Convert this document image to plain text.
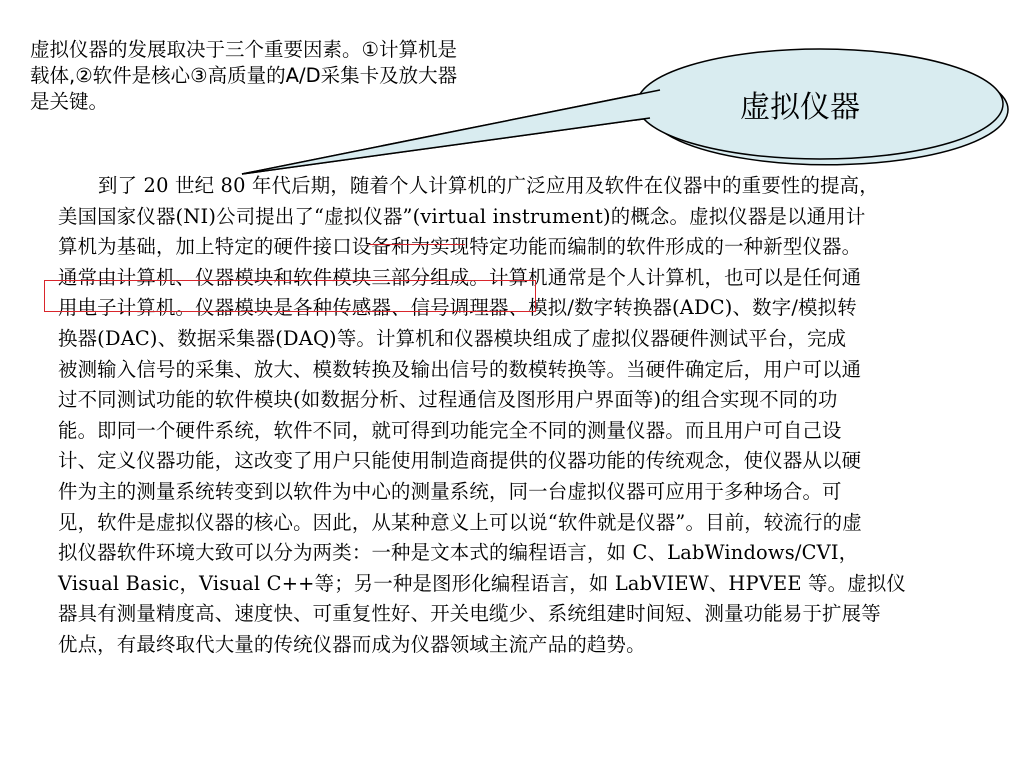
虚拟仪器的发展取决于三个重要因素。①计算机是
载体,②软件是核心③高质量的A/D采集卡及放大器
是关键。	虚拟仪器
到了 20 世纪 80 年代后期，随着个人计算机的广泛应用及软件在仪器中的重要性的提高，
美国国家仪器(NI)公司提出了“虚拟仪器”(virtual instrument)的概念。虚拟仪器是以通用计
算机为基础，加上特定的硬件接口设备和为实现特定功能而编制的软件形成的一种新型仪器。
通常由计算机、仪器模块和软件模块三部分组成。计算机通常是个人计算机，也可以是任何通
用电子计算机。仪器模块是各种传感器、信号调理器、模拟/数字转换器(ADC)、数字/模拟转
换器(DAC)、数据采集器(DAQ)等。计算机和仪器模块组成了虚拟仪器硬件测试平台，完成
被测输入信号的采集、放大、模数转换及输出信号的数模转换等。当硬件确定后，用户可以通
过不同测试功能的软件模块(如数据分析、过程通信及图形用户界面等)的组合实现不同的功
能。即同一个硬件系统，软件不同，就可得到功能完全不同的测量仪器。而且用户可自己设
计、定义仪器功能，这改变了用户只能使用制造商提供的仪器功能的传统观念，使仪器从以硬
件为主的测量系统转变到以软件为中心的测量系统，同一台虚拟仪器可应用于多种场合。可
见，软件是虚拟仪器的核心。因此，从某种意义上可以说“软件就是仪器”。目前，较流行的虚
拟仪器软件环境大致可以分为两类：一种是文本式的编程语言，如 C、LabWindows/CVI，
Visual Basic，Visual C++等；另一种是图形化编程语言，如 LabVIEW、HPVEE 等。虚拟仪
器具有测量精度高、速度快、可重复性好、开关电缆少、系统组建时间短、测量功能易于扩展等
优点，有最终取代大量的传统仪器而成为仪器领域主流产品的趋势。
